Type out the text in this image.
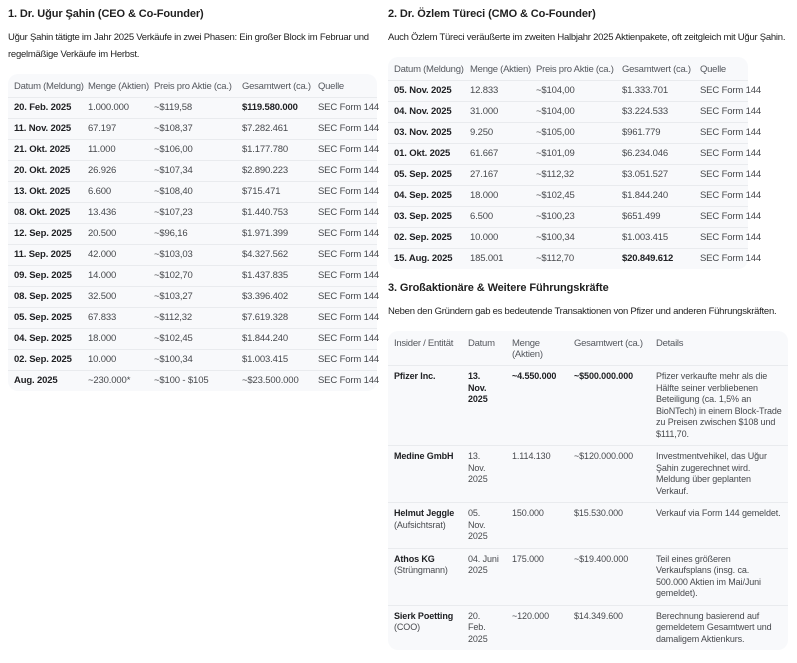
1. Dr. Uğur Şahin (CEO & Co-Founder)
Uğur Şahin tätigte im Jahr 2025 Verkäufe in zwei Phasen: Ein großer Block im Februar und regelmäßige Verkäufe im Herbst.
Datum (Meldung)	Menge (Aktien)	Preis pro Aktie (ca.)	Gesamtwert (ca.)	Quelle
20. Feb. 2025	1.000.000	~$119,58	$119.580.000	SEC Form 144
11. Nov. 2025	67.197	~$108,37	$7.282.461	SEC Form 144
21. Okt. 2025	11.000	~$106,00	$1.177.780	SEC Form 144
20. Okt. 2025	26.926	~$107,34	$2.890.223	SEC Form 144
13. Okt. 2025	6.600	~$108,40	$715.471	SEC Form 144
08. Okt. 2025	13.436	~$107,23	$1.440.753	SEC Form 144
12. Sep. 2025	20.500	~$96,16	$1.971.399	SEC Form 144
11. Sep. 2025	42.000	~$103,03	$4.327.562	SEC Form 144
09. Sep. 2025	14.000	~$102,70	$1.437.835	SEC Form 144
08. Sep. 2025	32.500	~$103,27	$3.396.402	SEC Form 144
05. Sep. 2025	67.833	~$112,32	$7.619.328	SEC Form 144
04. Sep. 2025	18.000	~$102,45	$1.844.240	SEC Form 144
02. Sep. 2025	10.000	~$100,34	$1.003.415	SEC Form 144
Aug. 2025	~230.000*	~$100 - $105	~$23.500.000	SEC Form 144
2. Dr. Özlem Türeci (CMO & Co-Founder)
Auch Özlem Türeci veräußerte im zweiten Halbjahr 2025 Aktienpakete, oft zeitgleich mit Uğur Şahin.
Datum (Meldung)	Menge (Aktien)	Preis pro Aktie (ca.)	Gesamtwert (ca.)	Quelle
05. Nov. 2025	12.833	~$104,00	$1.333.701	SEC Form 144
04. Nov. 2025	31.000	~$104,00	$3.224.533	SEC Form 144
03. Nov. 2025	9.250	~$105,00	$961.779	SEC Form 144
01. Okt. 2025	61.667	~$101,09	$6.234.046	SEC Form 144
05. Sep. 2025	27.167	~$112,32	$3.051.527	SEC Form 144
04. Sep. 2025	18.000	~$102,45	$1.844.240	SEC Form 144
03. Sep. 2025	6.500	~$100,23	$651.499	SEC Form 144
02. Sep. 2025	10.000	~$100,34	$1.003.415	SEC Form 144
15. Aug. 2025	185.001	~$112,70	$20.849.612	SEC Form 144
3. Großaktionäre & Weitere Führungskräfte
Neben den Gründern gab es bedeutende Transaktionen von Pfizer und anderen Führungskräften.
Insider / Entität	Datum	Menge (Aktien)	Gesamtwert (ca.)	Details
Pfizer Inc.	13. Nov. 2025	~4.550.000	~$500.000.000	Pfizer verkaufte mehr als die Hälfte seiner verbliebenen Beteiligung (ca. 1,5% an BioNTech) in einem Block-Trade zu Preisen zwischen $108 und $111,70.
Medine GmbH	13. Nov. 2025	1.114.130	~$120.000.000	Investmentvehikel, das Uğur Şahin zugerechnet wird. Meldung über geplanten Verkauf.
Helmut Jeggle
(Aufsichtsrat)	05. Nov. 2025	150.000	$15.530.000	Verkauf via Form 144 gemeldet.
Athos KG
(Strüngmann)	04. Juni 2025	175.000	~$19.400.000	Teil eines größeren Verkaufsplans (insg. ca. 500.000 Aktien im Mai/Juni gemeldet).
Sierk Poetting
(COO)	20. Feb. 2025	~120.000	$14.349.600	Berechnung basierend auf gemeldetem Gesamtwert und damaligem Aktienkurs.
